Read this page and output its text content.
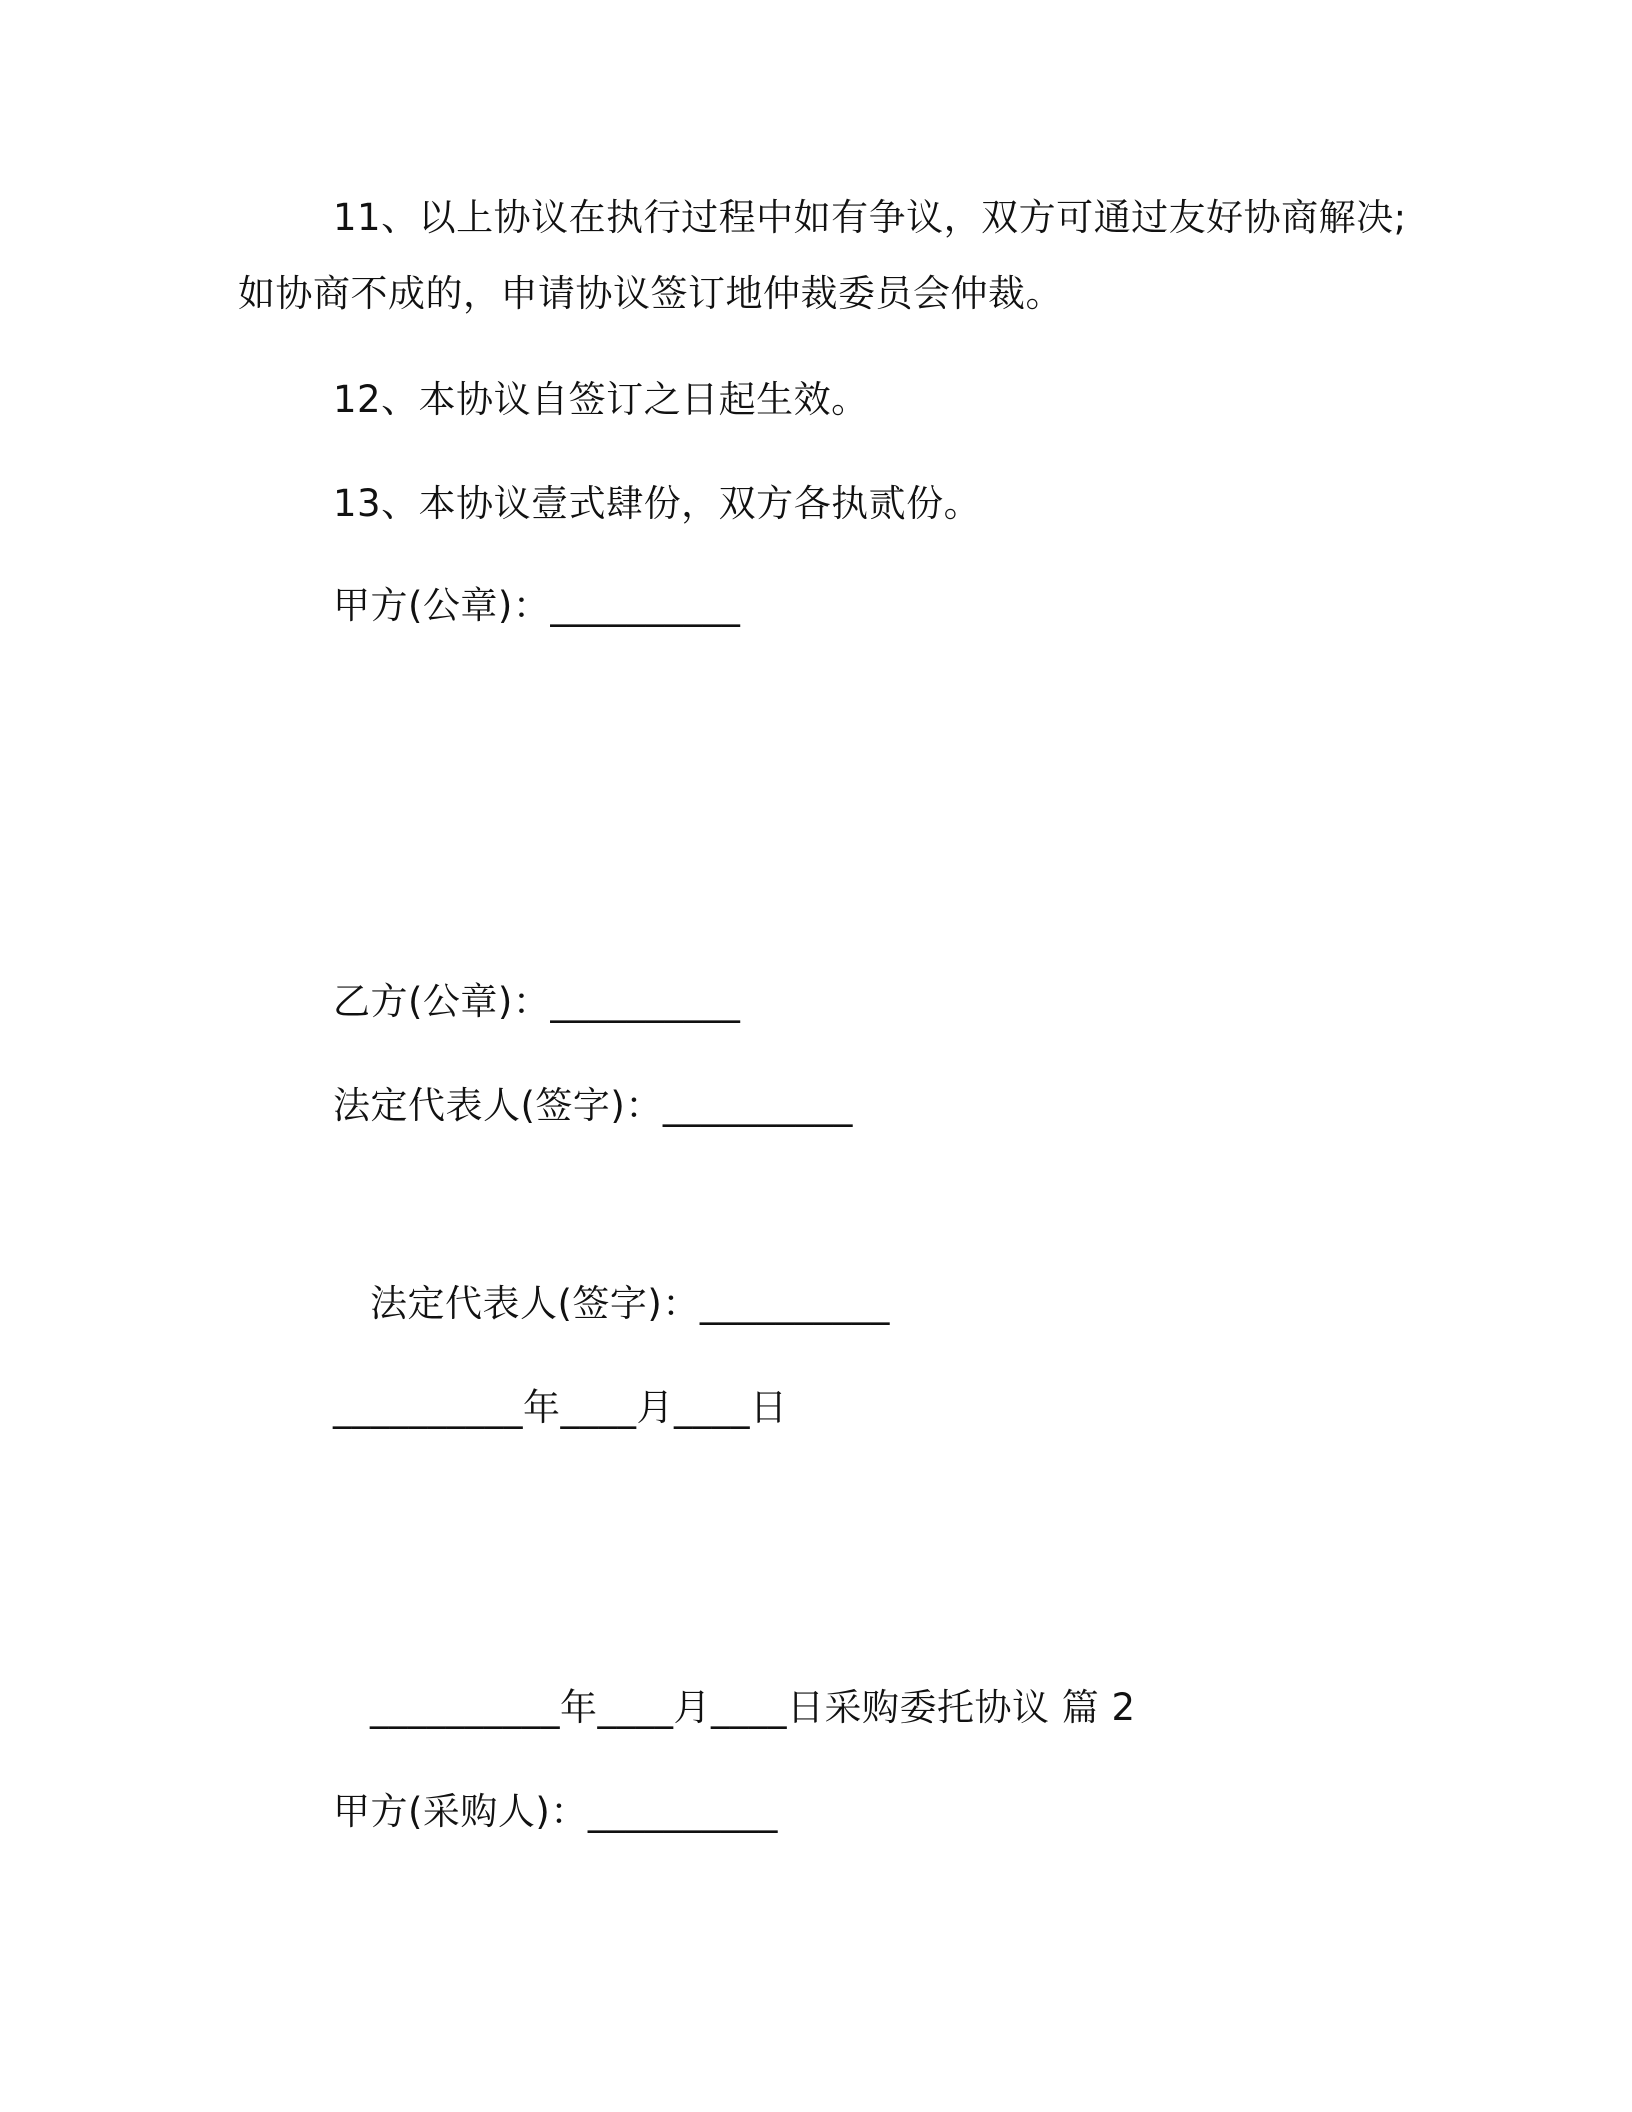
11、以上协议在执行过程中如有争议，双方可通过友好协商解决;
如协商不成的，申请协议签订地仲裁委员会仲裁。
12、本协议自签订之日起生效。
13、本协议壹式肆份，双方各执贰份。
甲方(公章)：__________
乙方(公章)：__________
法定代表人(签字)：__________
法定代表人(签字)：__________
__________年____月____日
__________年____月____日采购委托协议 篇 2
甲方(采购人)：__________
